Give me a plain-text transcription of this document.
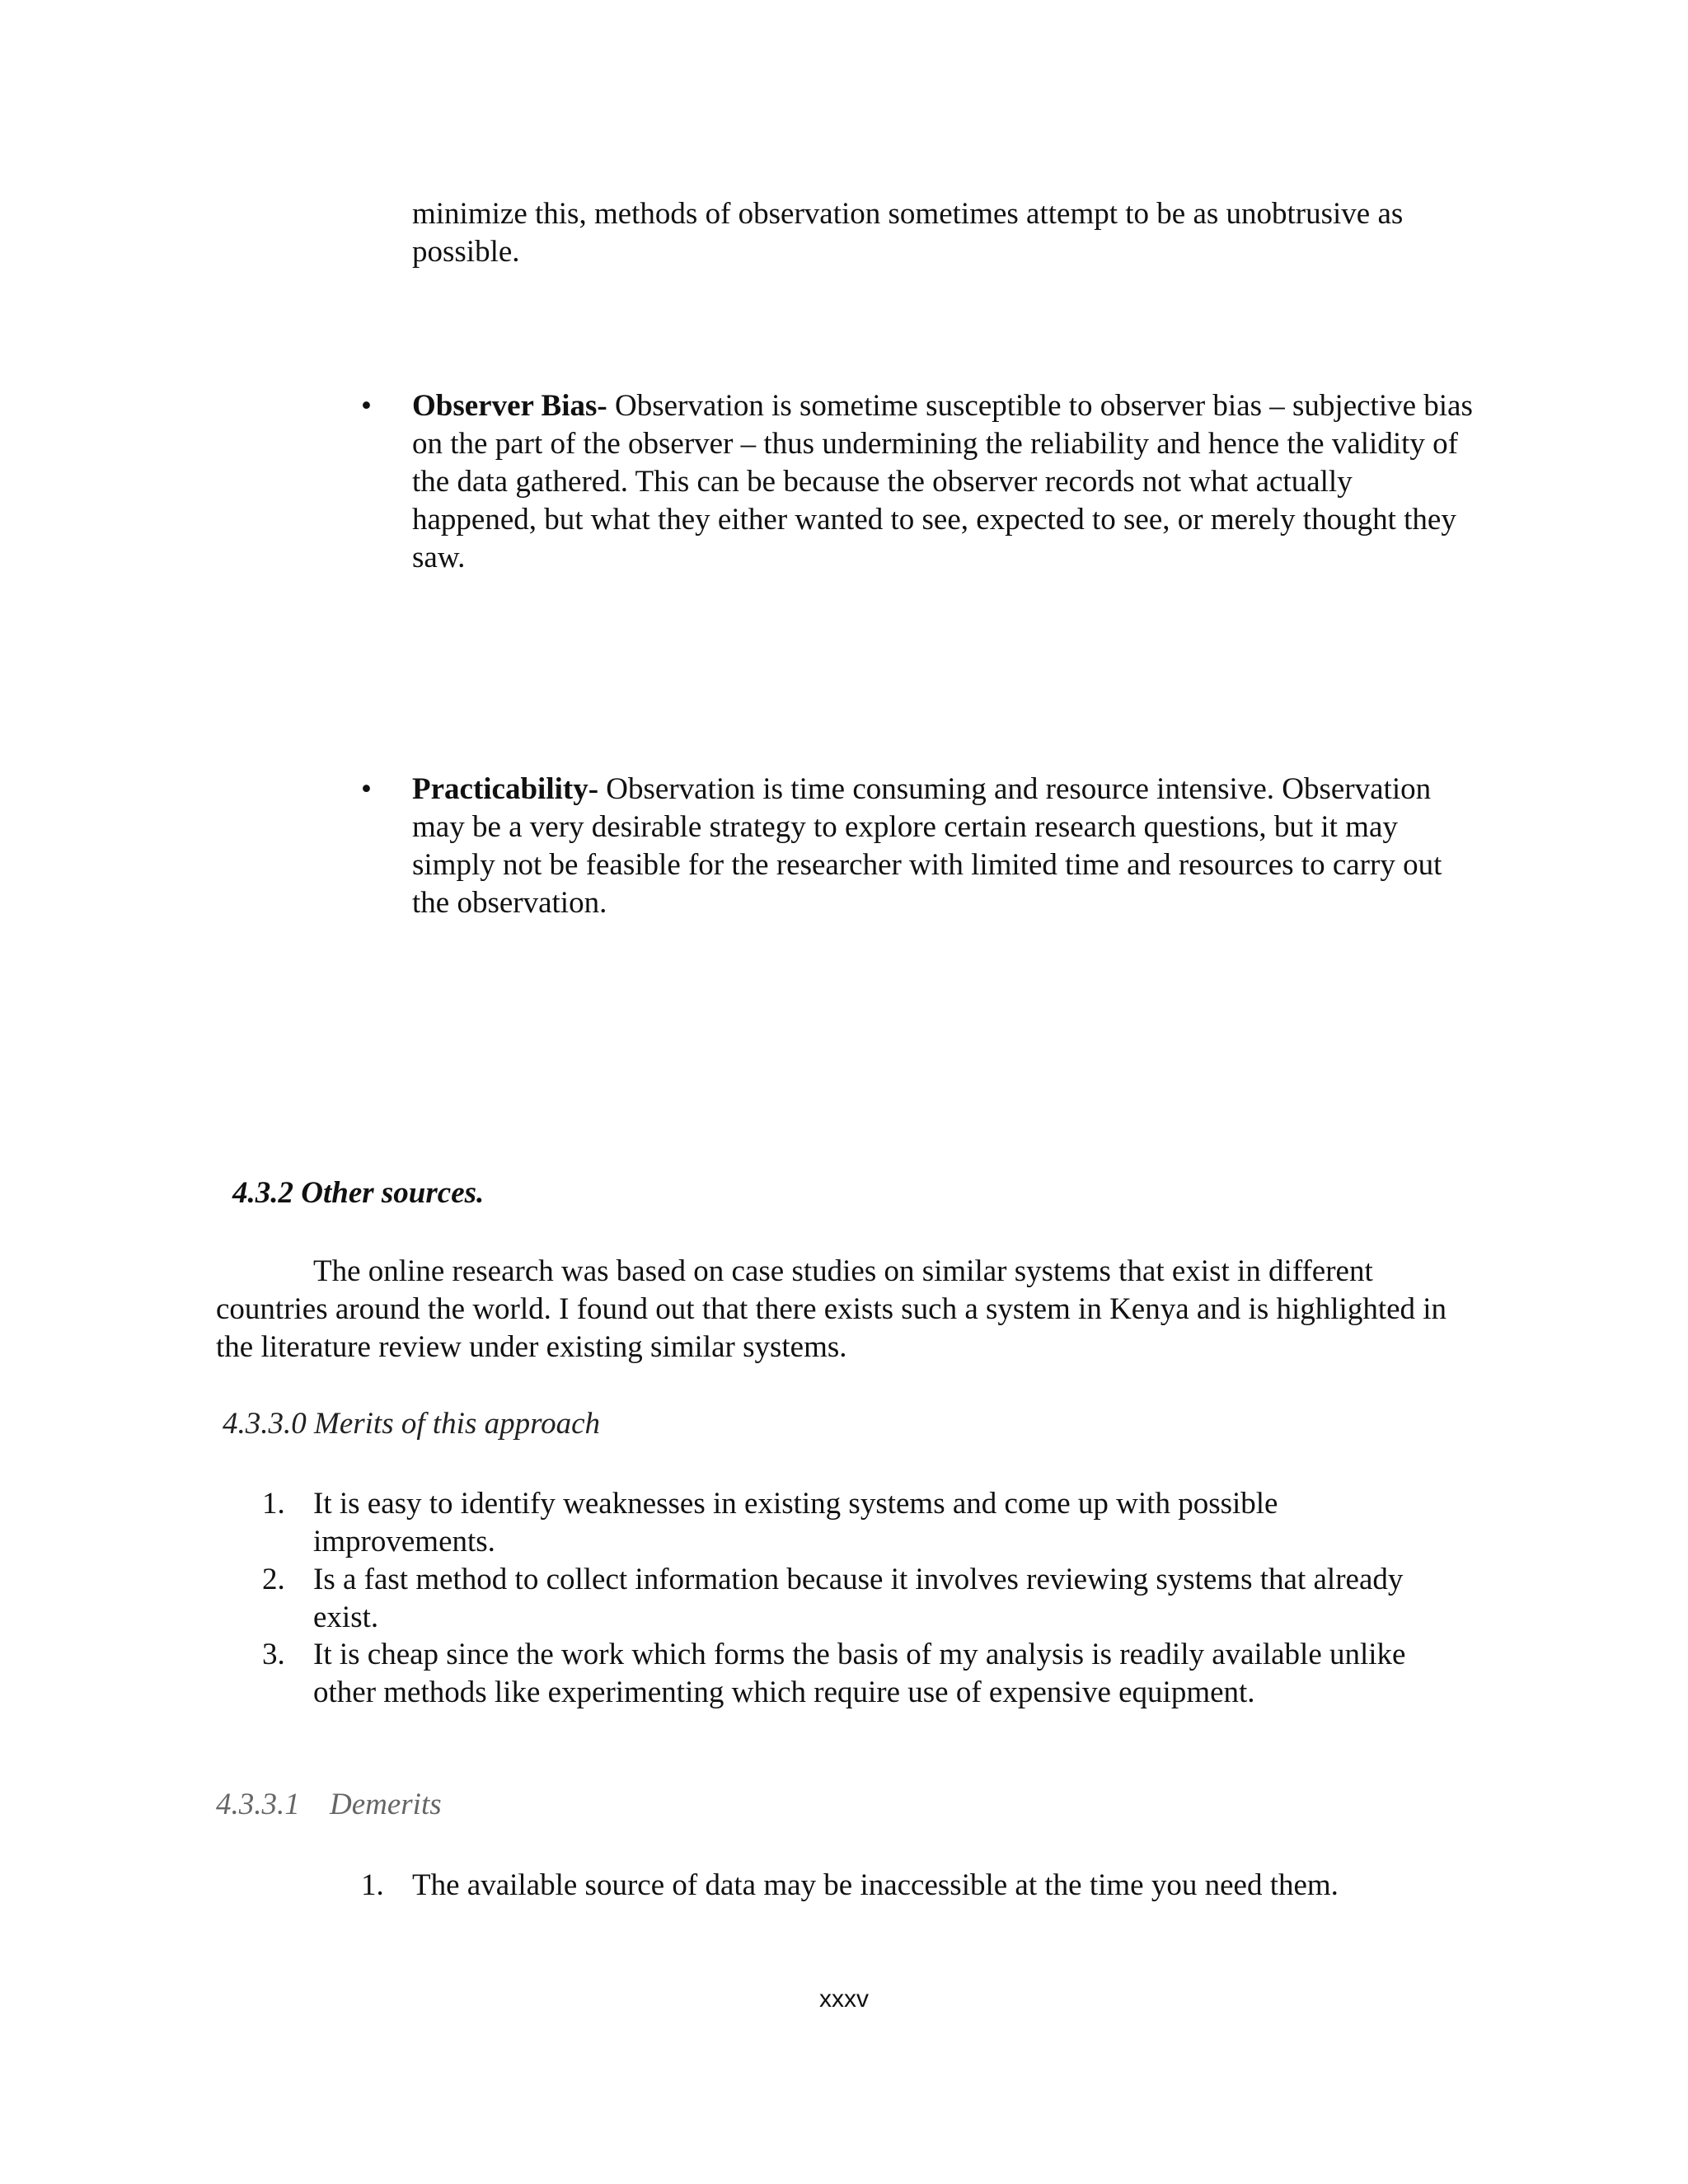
minimize this, methods of observation sometimes attempt to be as unobtrusive as possible.

• Observer Bias- Observation is sometime susceptible to observer bias – subjective bias on the part of the observer – thus undermining the reliability and hence the validity of the data gathered. This can be because the observer records not what actually happened, but what they either wanted to see, expected to see, or merely thought they saw.

• Practicability- Observation is time consuming and resource intensive. Observation may be a very desirable strategy to explore certain research questions, but it may simply not be feasible for the researcher with limited time and resources to carry out the observation.

4.3.2 Other sources.

The online research was based on case studies on similar systems that exist in different countries around the world. I found out that there exists such a system in Kenya and is highlighted in the literature review under existing similar systems.

4.3.3.0 Merits of this approach
1. It is easy to identify weaknesses in existing systems and come up with possible improvements.

2. Is a fast method to collect information because it involves reviewing systems that already exist.

3. It is cheap since the work which forms the basis of my analysis is readily available unlike other methods like experimenting which require use of expensive equipment.

4.3.3.1 Demerits
1. The available source of data may be inaccessible at the time you need them.

xxxv
